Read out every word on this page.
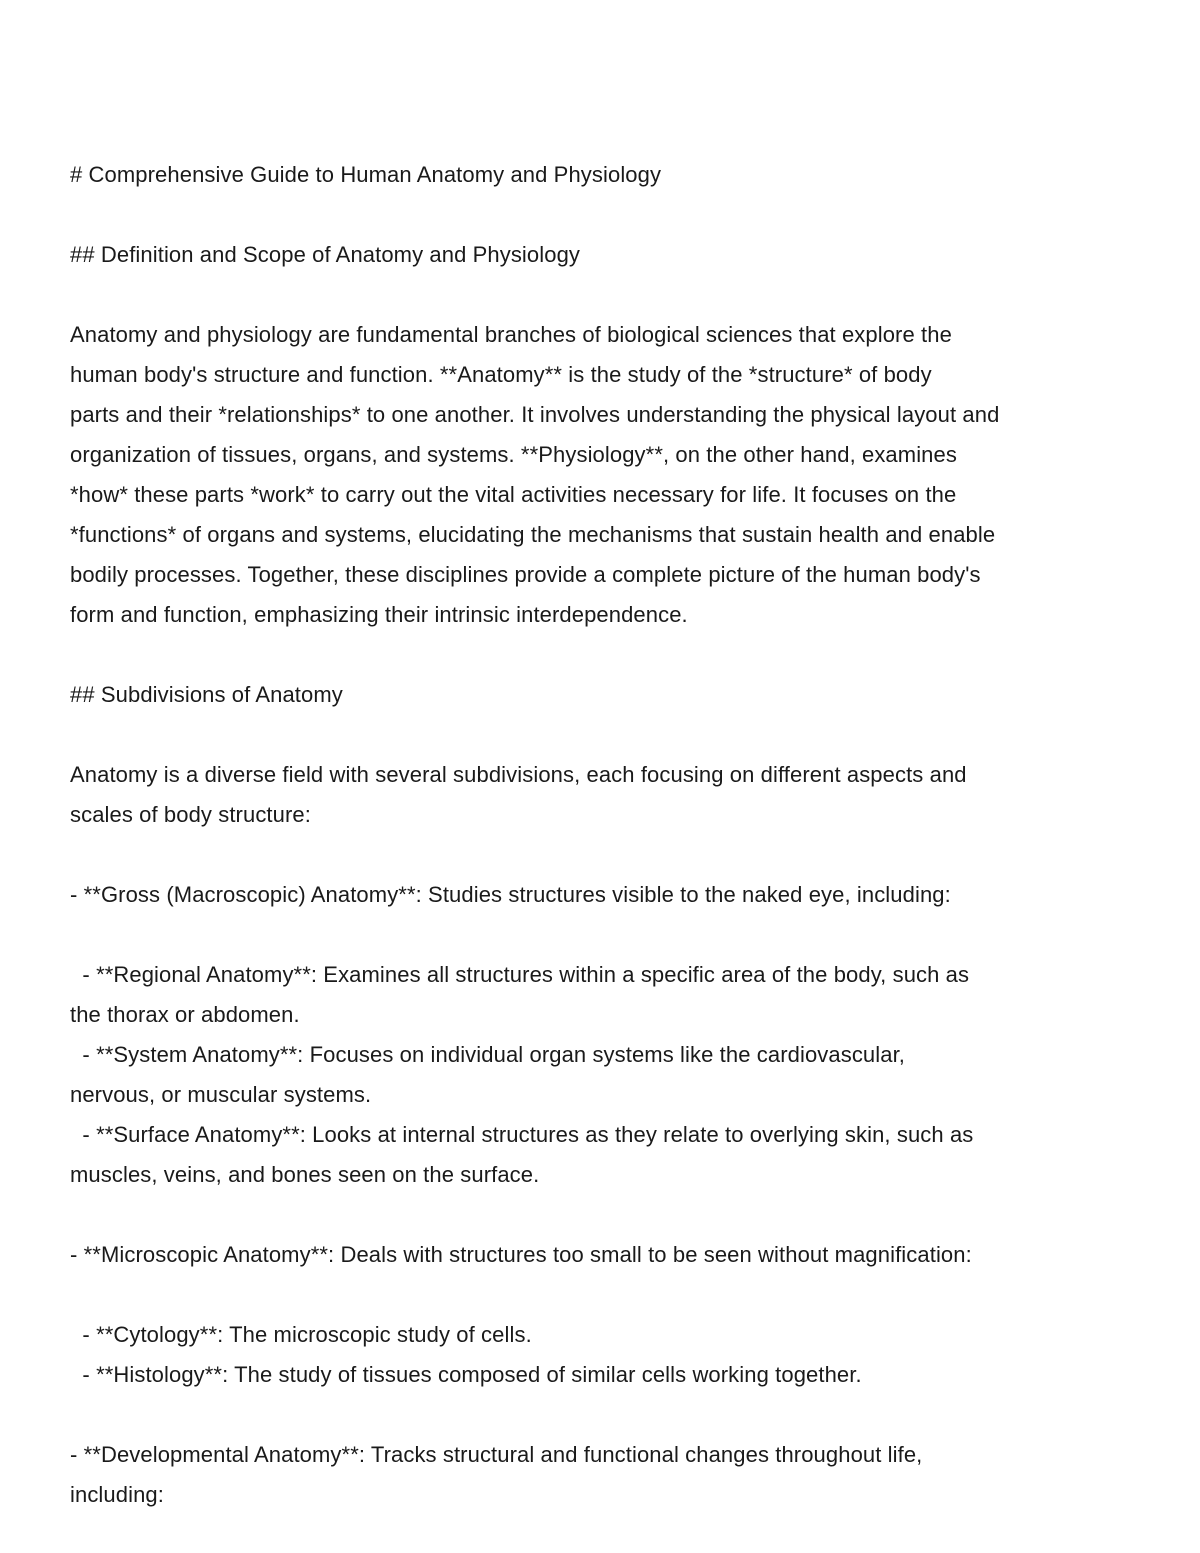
# Comprehensive Guide to Human Anatomy and Physiology
## Definition and Scope of Anatomy and Physiology
Anatomy and physiology are fundamental branches of biological sciences that explore the
human body's structure and function. **Anatomy** is the study of the *structure* of body
parts and their *relationships* to one another. It involves understanding the physical layout and
organization of tissues, organs, and systems. **Physiology**, on the other hand, examines
*how* these parts *work* to carry out the vital activities necessary for life. It focuses on the
*functions* of organs and systems, elucidating the mechanisms that sustain health and enable
bodily processes. Together, these disciplines provide a complete picture of the human body's
form and function, emphasizing their intrinsic interdependence.
## Subdivisions of Anatomy
Anatomy is a diverse field with several subdivisions, each focusing on different aspects and
scales of body structure:
- **Gross (Macroscopic) Anatomy**: Studies structures visible to the naked eye, including:
- **Regional Anatomy**: Examines all structures within a specific area of the body, such as
the thorax or abdomen.
- **System Anatomy**: Focuses on individual organ systems like the cardiovascular,
nervous, or muscular systems.
- **Surface Anatomy**: Looks at internal structures as they relate to overlying skin, such as
muscles, veins, and bones seen on the surface.
- **Microscopic Anatomy**: Deals with structures too small to be seen without magnification:
- **Cytology**: The microscopic study of cells.
- **Histology**: The study of tissues composed of similar cells working together.
- **Developmental Anatomy**: Tracks structural and functional changes throughout life,
including:
